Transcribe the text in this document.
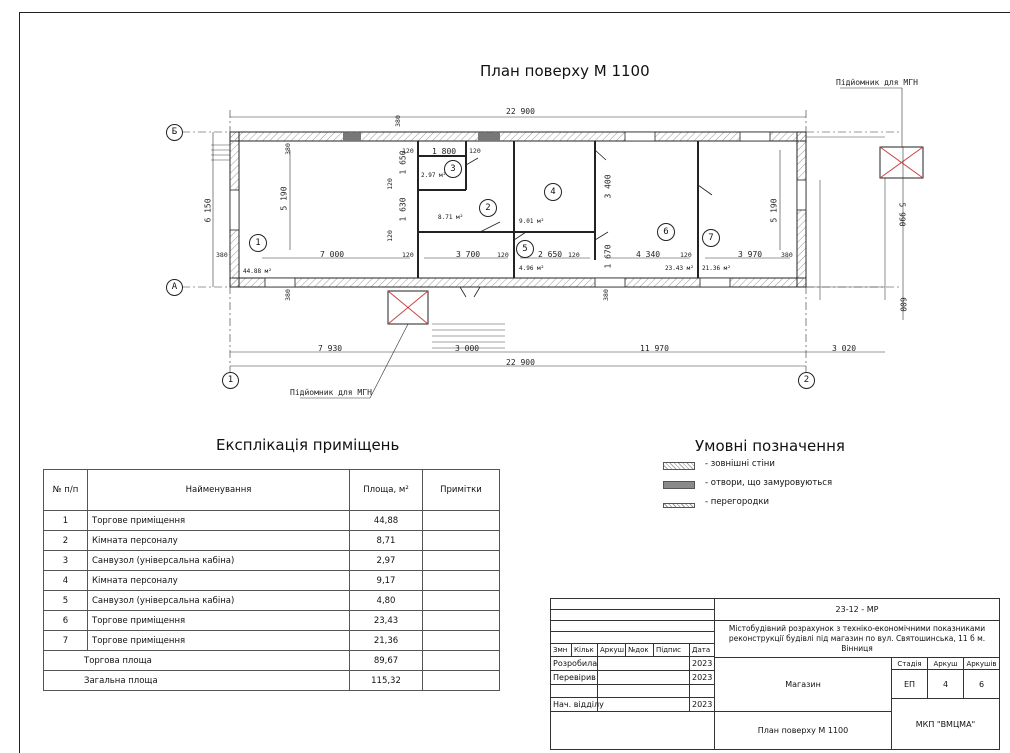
План поверху М 1100
Б
А
1	2
Підйомник для МГН
Підйомник для МГН
22 900
22 900
7 930	3 000	11 970	3 020
6 150	5 990
600
5 190
7 000	3 700
1 800
2 650	4 340	3 970
5 190
3 400
1 670
1 650
1 630
380
380
380
380	380
380
120	120	120	120
120
120
120
120
1
2
3
4
5
6
7
44.88 м²
8.71 м²
2.97 м²
9.01 м²
4.96 м²	23.43 м² 21.36 м²
Експлікація приміщень
№ п/п	Найменування	Площа, м²	Примітки
1	Торгове приміщення	44,88	
2	Кімната персоналу	8,71	
3	Санвузол (універсальна кабіна)	2,97	
4	Кімната персоналу	9,17	
5	Санвузол (універсальна кабіна)	4,80	
6	Торгове приміщення	23,43	
7	Торгове приміщення	21,36	
Торгова площа		89,67	
Загальна площа		115,32	
Умовні позначення
- зовнішні стіни
- отвори, що замуровуються
- перегородки
Змн Кільк Аркуш №док	Підпис	Дата
Розробила	2023
Перевірив	2023
Нач. відділу	2023
23-12 - МР
Містобудівний розрахунок з техніко-економічними показниками реконструкції будівлі під магазин по вул. Святошинська, 11 б м. Вінниця
Магазин
Стадія	Аркуш	Аркушів
ЕП	4	6
План поверху М 1100
МКП "ВМЦМА"
